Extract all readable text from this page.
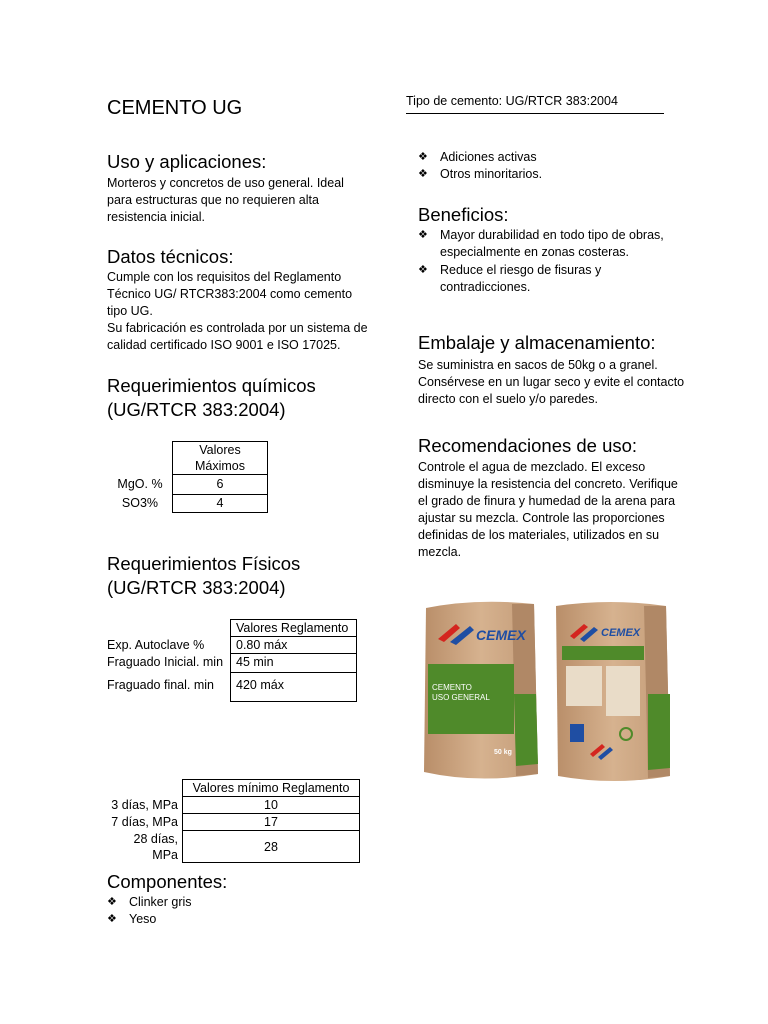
CEMENTO UG
Uso y aplicaciones:
Morteros y concretos de uso general. Ideal
para estructuras que no requieren alta
resistencia inicial.
Datos técnicos:
Cumple con los requisitos del Reglamento
Técnico UG/ RTCR383:2004 como cemento
tipo UG.
Su fabricación es controlada por un sistema de
calidad certificado ISO 9001 e ISO 17025.
Requerimientos químicos
(UG/RTCR 383:2004)

	Valores
Máximos

MgO. %	6
SO3%	4
Requerimientos Físicos
(UG/RTCR 383:2004)
	Valores Reglamento
Exp. Autoclave %	0.80 máx
Fraguado Inicial. min	45 min
Fraguado final. min	420 máx
	Valores mínimo Reglamento
3 días, MPa	10
7 días, MPa	17
28 días, MPa	28
Componentes:
❖ Clinker gris
❖ Yeso
Tipo de cemento: UG/RTCR 383:2004
❖ Adiciones activas
❖ Otros minoritarios.
Beneficios:
❖ Mayor durabilidad en todo tipo de obras,
especialmente en zonas costeras.
❖ Reduce el riesgo de fisuras y
contradicciones.
Embalaje y almacenamiento:
Se suministra en sacos de 50kg o a granel.
Consérvese en un lugar seco y evite el contacto
directo con el suelo y/o paredes.
Recomendaciones de uso:
Controle el agua de mezclado. El exceso
disminuye la resistencia del concreto. Verifique
el grado de finura y humedad de la arena para
ajustar su mezcla. Controle las proporciones
definidas de los materiales, utilizados en su
mezcla.
CEMEX
CEMENTO
USO GENERAL
50 kg
CEMEX
